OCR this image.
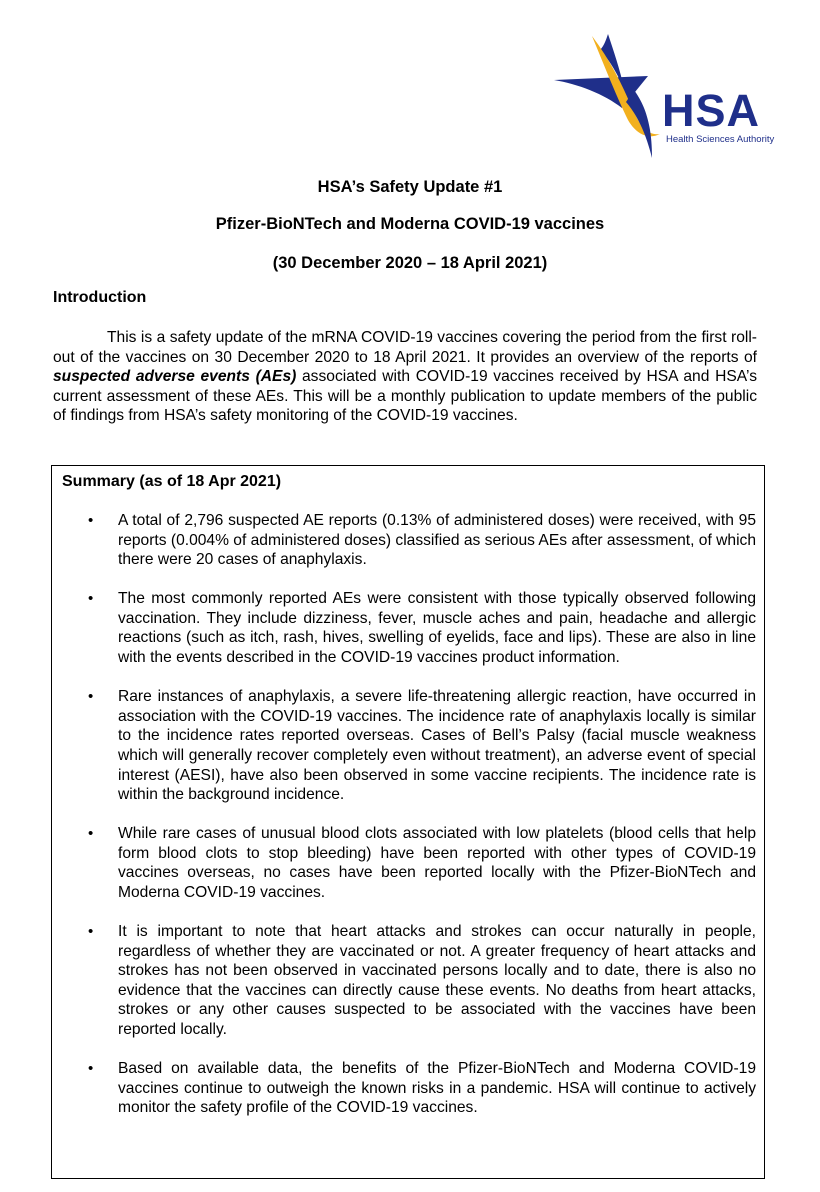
HSA
Health Sciences Authority
HSA’s Safety Update #1
Pfizer-BioNTech and Moderna COVID-19 vaccines
(30 December 2020 – 18 April 2021)
Introduction

This is a safety update of the mRNA COVID-19 vaccines covering the period from the first roll-out of the vaccines on 30 December 2020 to 18 April 2021. It provides an overview of the reports of suspected adverse events (AEs) associated with COVID-19 vaccines received by HSA and HSA’s current assessment of these AEs. This will be a monthly publication to update members of the public of findings from HSA’s safety monitoring of the COVID-19 vaccines.

Summary (as of 18 Apr 2021)
• A total of 2,796 suspected AE reports (0.13% of administered doses) were received, with 95 reports (0.004% of administered doses) classified as serious AEs after assessment, of which there were 20 cases of anaphylaxis.
• The most commonly reported AEs were consistent with those typically observed following vaccination. They include dizziness, fever, muscle aches and pain, headache and allergic reactions (such as itch, rash, hives, swelling of eyelids, face and lips). These are also in line with the events described in the COVID-19 vaccines product information.
• Rare instances of anaphylaxis, a severe life-threatening allergic reaction, have occurred in association with the COVID-19 vaccines. The incidence rate of anaphylaxis locally is similar to the incidence rates reported overseas. Cases of Bell’s Palsy (facial muscle weakness which will generally recover completely even without treatment), an adverse event of special interest (AESI), have also been observed in some vaccine recipients. The incidence rate is within the background incidence.
• While rare cases of unusual blood clots associated with low platelets (blood cells that help form blood clots to stop bleeding) have been reported with other types of COVID-19 vaccines overseas, no cases have been reported locally with the Pfizer-BioNTech and Moderna COVID-19 vaccines.
• It is important to note that heart attacks and strokes can occur naturally in people, regardless of whether they are vaccinated or not. A greater frequency of heart attacks and strokes has not been observed in vaccinated persons locally and to date, there is also no evidence that the vaccines can directly cause these events. No deaths from heart attacks, strokes or any other causes suspected to be associated with the vaccines have been reported locally.
• Based on available data, the benefits of the Pfizer-BioNTech and Moderna COVID-19 vaccines continue to outweigh the known risks in a pandemic. HSA will continue to actively monitor the safety profile of the COVID-19 vaccines.
